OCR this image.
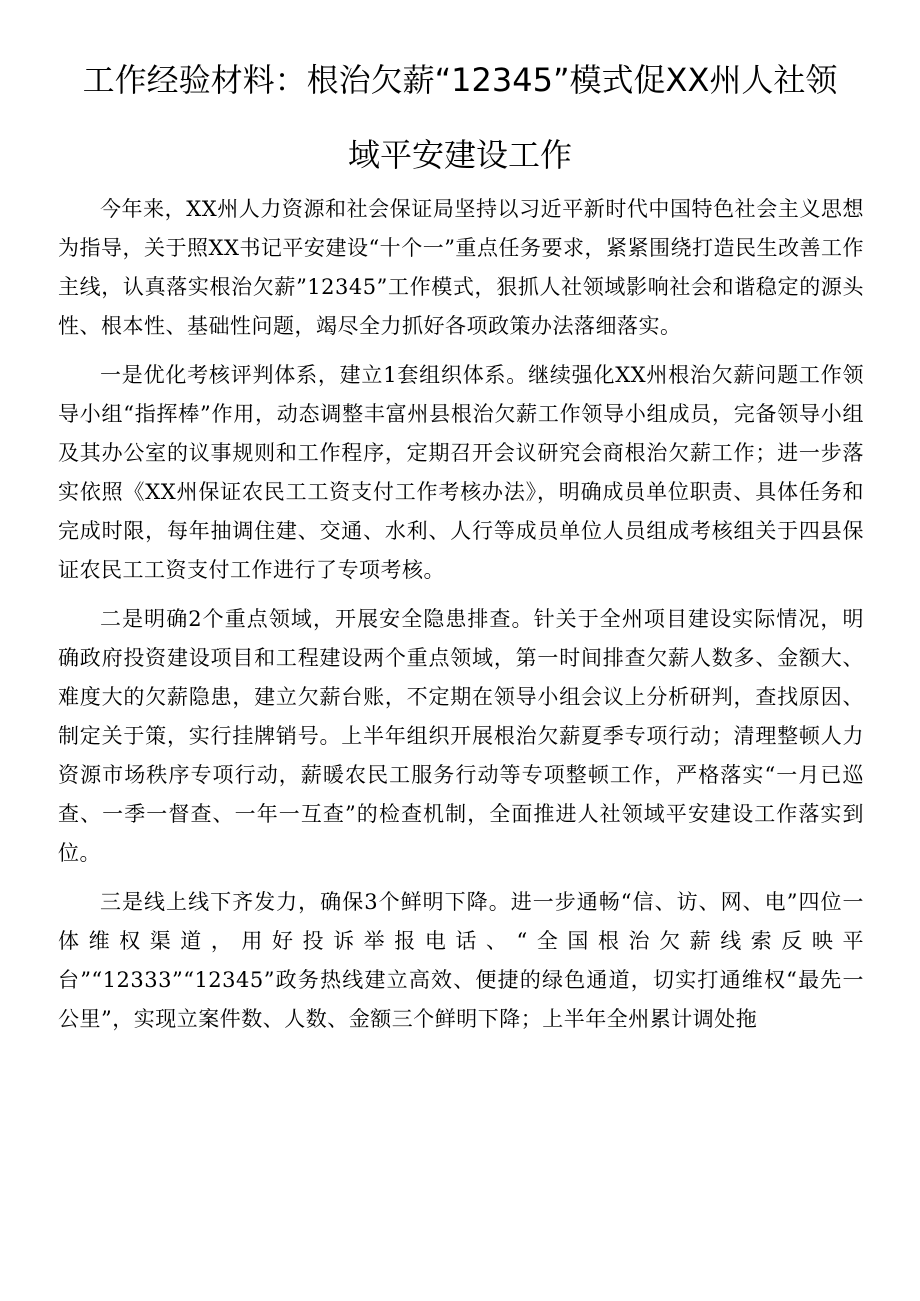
工作经验材料：根治欠薪“12345”模式促XX州人社领
域平安建设工作

今年来，XX州人力资源和社会保证局坚持以习近平新时代中国特色社会主义思想为指导，关于照XX书记平安建设“十个一”重点任务要求，紧紧围绕打造民生改善工作主线，认真落实根治欠薪”12345”工作模式，狠抓人社领域影响社会和谐稳定的源头性、根本性、基础性问题，竭尽全力抓好各项政策办法落细落实。

一是优化考核评判体系，建立1套组织体系。继续强化XX州根治欠薪问题工作领导小组“指挥棒”作用，动态调整丰富州县根治欠薪工作领导小组成员，完备领导小组及其办公室的议事规则和工作程序，定期召开会议研究会商根治欠薪工作；进一步落实依照《XX州保证农民工工资支付工作考核办法》，明确成员单位职责、具体任务和完成时限，每年抽调住建、交通、水利、人行等成员单位人员组成考核组关于四县保证农民工工资支付工作进行了专项考核。

二是明确2个重点领域，开展安全隐患排查。针关于全州项目建设实际情况，明确政府投资建设项目和工程建设两个重点领域，第一时间排查欠薪人数多、金额大、难度大的欠薪隐患，建立欠薪台账，不定期在领导小组会议上分析研判，查找原因、制定关于策，实行挂牌销号。上半年组织开展根治欠薪夏季专项行动；清理整顿人力资源市场秩序专项行动，薪暖农民工服务行动等专项整顿工作，严格落实“一月已巡查、一季一督查、一年一互查”的检查机制，全面推进人社领域平安建设工作落实到位。

三是线上线下齐发力，确保3个鲜明下降。进一步通畅“信、访、网、电”四位一体维权渠道，用好投诉举报电话、“全国根治欠薪线索反映平台”“12333”“12345”政务热线建立高效、便捷的绿色通道，切实打通维权“最先一公里”，实现立案件数、人数、金额三个鲜明下降；上半年全州累计调处拖
